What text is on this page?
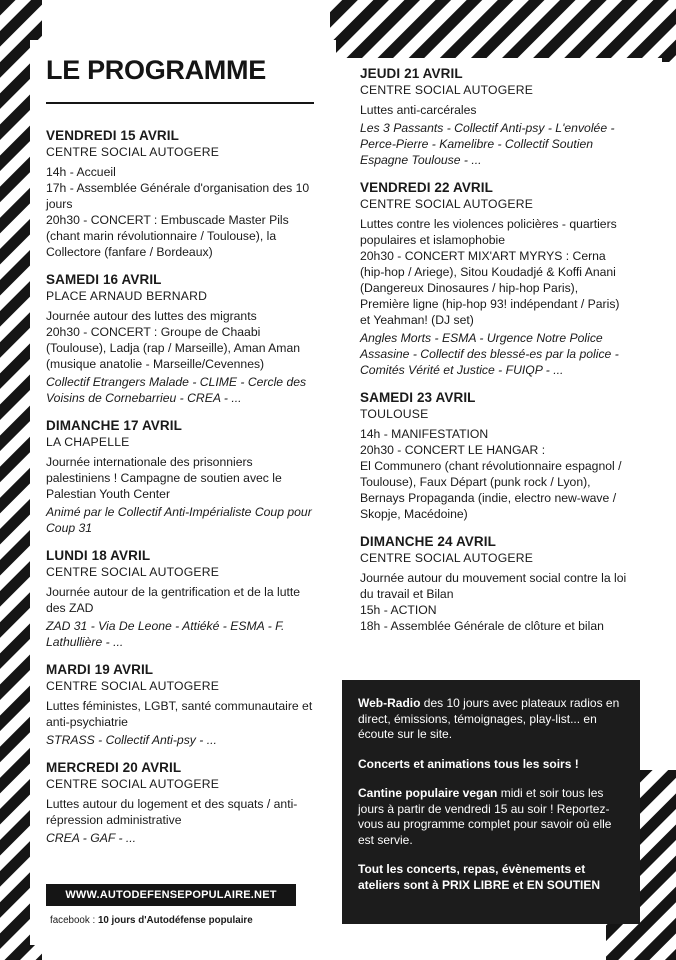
LE PROGRAMME
VENDREDI 15 AVRIL
CENTRE SOCIAL AUTOGERE
14h - Accueil
17h - Assemblée Générale d'organisation des 10 jours
20h30 - CONCERT : Embuscade Master Pils (chant marin révolutionnaire / Toulouse), la Collectore (fanfare / Bordeaux)
SAMEDI 16 AVRIL
PLACE ARNAUD BERNARD
Journée autour des luttes des migrants
20h30 - CONCERT : Groupe de Chaabi (Toulouse), Ladja (rap / Marseille), Aman Aman (musique anatolie - Marseille/Cevennes)
Collectif Etrangers Malade - CLIME - Cercle des Voisins de Cornebarrieu - CREA - ...
DIMANCHE 17 AVRIL
LA CHAPELLE
Journée internationale des prisonniers palestiniens ! Campagne de soutien avec le Palestian Youth Center
Animé par le Collectif Anti-Impérialiste Coup pour Coup 31
LUNDI 18 AVRIL
CENTRE SOCIAL AUTOGERE
Journée autour de la gentrification et de la lutte des ZAD
ZAD 31 - Via De Leone - Attiéké - ESMA - F. Lathullière - ...
MARDI 19 AVRIL
CENTRE SOCIAL AUTOGERE
Luttes féministes, LGBT, santé communautaire et anti-psychiatrie
STRASS - Collectif Anti-psy - ...
MERCREDI 20 AVRIL
CENTRE SOCIAL AUTOGERE
Luttes autour du logement et des squats / anti-répression administrative
CREA - GAF - ...
JEUDI 21 AVRIL
CENTRE SOCIAL AUTOGERE
Luttes anti-carcérales
Les 3 Passants - Collectif Anti-psy - L'envolée - Perce-Pierre - Kamelibre - Collectif Soutien Espagne Toulouse - ...
VENDREDI 22 AVRIL
CENTRE SOCIAL AUTOGERE
Luttes contre les violences policières - quartiers populaires et islamophobie
20h30 - CONCERT MIX'ART MYRYS : Cerna (hip-hop / Ariege), Sitou Koudadjé & Koffi Anani (Dangereux Dinosaures / hip-hop Paris), Première ligne (hip-hop 93! indépendant / Paris) et Yeahman! (DJ set)
Angles Morts - ESMA - Urgence Notre Police Assasine - Collectif des blessé-es par la police - Comités Vérité et Justice - FUIQP - ...
SAMEDI 23 AVRIL
TOULOUSE
14h - MANIFESTATION
20h30 - CONCERT LE HANGAR :
El Communero (chant révolutionnaire espagnol / Toulouse), Faux Départ (punk rock / Lyon), Bernays Propaganda (indie, electro new-wave / Skopje, Macédoine)
DIMANCHE 24 AVRIL
CENTRE SOCIAL AUTOGERE
Journée autour du mouvement social contre la loi du travail et Bilan
15h - ACTION
18h - Assemblée Générale de clôture et bilan

Web-Radio des 10 jours avec plateaux radios en direct, émissions, témoignages, play-list... en écoute sur le site.

Concerts et animations tous les soirs !

Cantine populaire vegan midi et soir tous les jours à partir de vendredi 15 au soir ! Reportez-vous au programme complet pour savoir où elle est servie.

Tout les concerts, repas, évènements et ateliers sont à PRIX LIBRE et EN SOUTIEN

WWW.AUTODEFENSEPOPULAIRE.NET
facebook : 10 jours d'Autodéfense populaire
